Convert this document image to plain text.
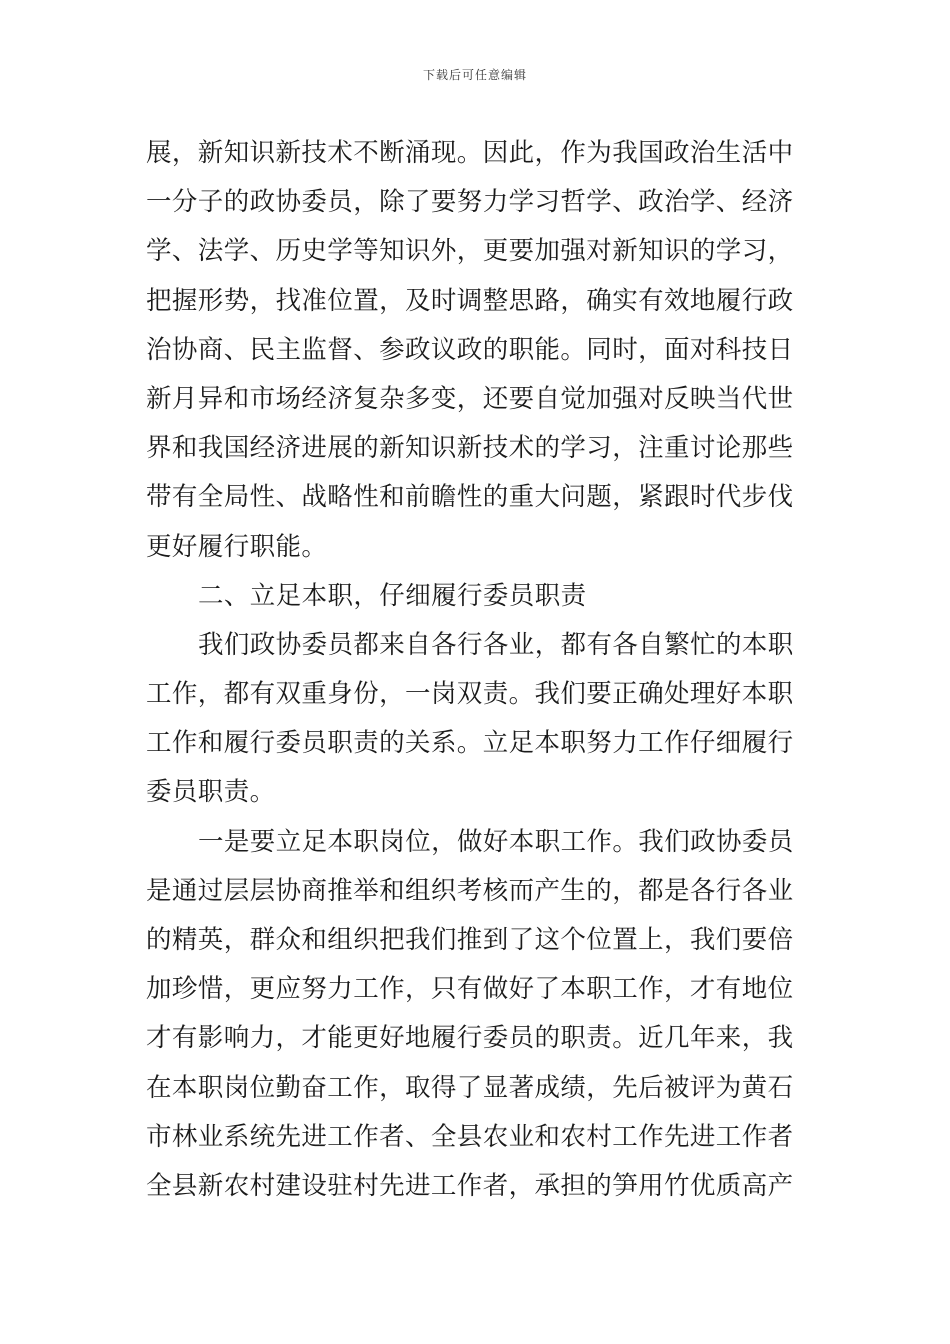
下载后可任意编辑
展，新知识新技术不断涌现。因此，作为我国政治生活中
一分子的政协委员，除了要努力学习哲学、政治学、经济
学、法学、历史学等知识外，更要加强对新知识的学习，
把握形势，找准位置，及时调整思路，确实有效地履行政
治协商、民主监督、参政议政的职能。同时，面对科技日
新月异和市场经济复杂多变，还要自觉加强对反映当代世
界和我国经济进展的新知识新技术的学习，注重讨论那些
带有全局性、战略性和前瞻性的重大问题，紧跟时代步伐
更好履行职能。
二、立足本职，仔细履行委员职责
我们政协委员都来自各行各业，都有各自繁忙的本职
工作，都有双重身份，一岗双责。我们要正确处理好本职
工作和履行委员职责的关系。立足本职努力工作仔细履行
委员职责。
一是要立足本职岗位，做好本职工作。我们政协委员
是通过层层协商推举和组织考核而产生的，都是各行各业
的精英，群众和组织把我们推到了这个位置上，我们要倍
加珍惜，更应努力工作，只有做好了本职工作，才有地位
才有影响力，才能更好地履行委员的职责。近几年来，我
在本职岗位勤奋工作，取得了显著成绩，先后被评为黄石
市林业系统先进工作者、全县农业和农村工作先进工作者
全县新农村建设驻村先进工作者，承担的笋用竹优质高产
